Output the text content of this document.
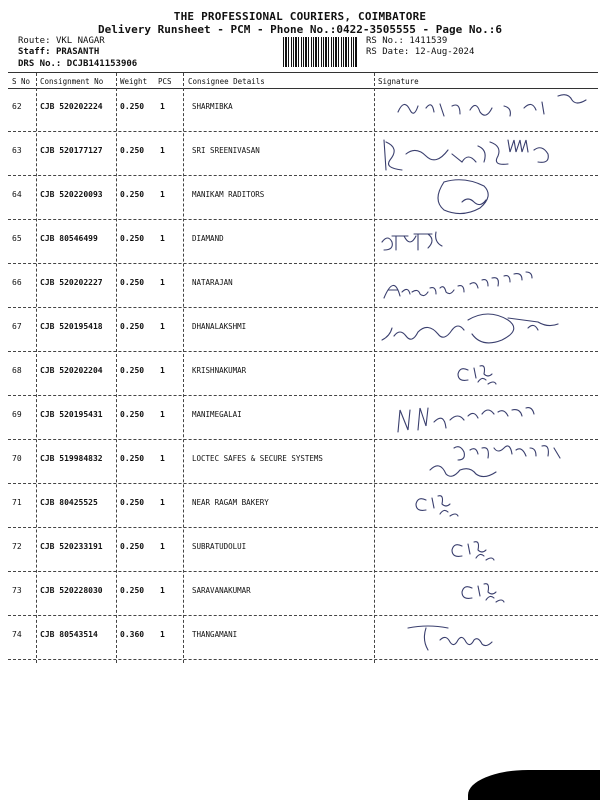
THE PROFESSIONAL COURIERS, COIMBATORE
Delivery Runsheet - PCM - Phone No.:0422-3505555 - Page No.:6
Route: VKL NAGAR
Staff: PRASANTH
DRS No.: DCJB141153906
RS No.: 1411539
RS Date: 12-Aug-2024
S No Consignment No Weight PCS Consignee Details	Signature
62 CJB 520202224 0.250 1	SHARMIBKA
63 CJB 520177127 0.250 1	SRI SREENIVASAN
64 CJB 520220093 0.250 1	MANIKAM RADITORS
65 CJB 80546499	0.250 1	DIAMAND
66 CJB 520202227 0.250 1	NATARAJAN
67 CJB 520195418 0.250 1	DHANALAKSHMI
68 CJB 520202204 0.250 1	KRISHNAKUMAR
69 CJB 520195431 0.250 1	MANIMEGALAI
70 CJB 519984832 0.250 1	LOCTEC SAFES & SECURE SYSTEMS
71 CJB 80425525	0.250 1	NEAR RAGAM BAKERY
72 CJB 520233191 0.250 1	SUBRATUDOLUI
73 CJB 520228030 0.250 1	SARAVANAKUMAR
74 CJB 80543514	0.360 1	THANGAMANI
